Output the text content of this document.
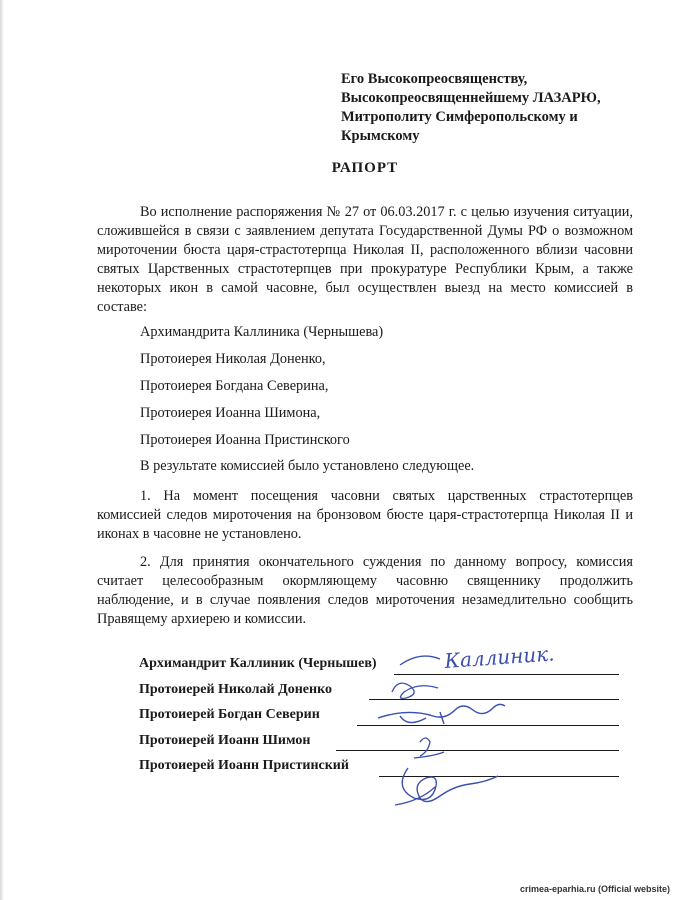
Его Высокопреосвященству,
Высокопреосвященнейшему ЛАЗАРЮ,
Митрополиту Симферопольскому и
Крымскому
РАПОРТ
Во исполнение распоряжения № 27 от 06.03.2017 г. с целью изучения ситуации, сложившейся в связи с заявлением депутата Государственной Думы РФ о возможном мироточении бюста царя-страстотерпца Николая II, расположенного вблизи часовни святых Царственных страстотерпцев при прокуратуре Республики Крым, а также некоторых икон в самой часовне, был осуществлен выезд на место комиссией в составе:
Архимандрита Каллиника (Чернышева)
Протоиерея Николая Доненко,
Протоиерея Богдана Северина,
Протоиерея Иоанна Шимона,
Протоиерея Иоанна Пристинского
В результате комиссией было установлено следующее.
1. На момент посещения часовни святых царственных страстотерпцев комиссией следов мироточения на бронзовом бюсте царя-страстотерпца Николая II и иконах в часовне не установлено.
2. Для принятия окончательного суждения по данному вопросу, комиссия считает целесообразным окормляющему часовню священнику продолжить наблюдение, и в случае появления следов мироточения незамедлительно сообщить Правящему архиерею и комиссии.
Архимандрит Каллиник (Чернышев)
Протоиерей Николай Доненко
Протоиерей Богдан Северин
Протоиерей Иоанн Шимон
Протоиерей Иоанн Пристинский
Каллиник.
crimea-eparhia.ru (Official website)
